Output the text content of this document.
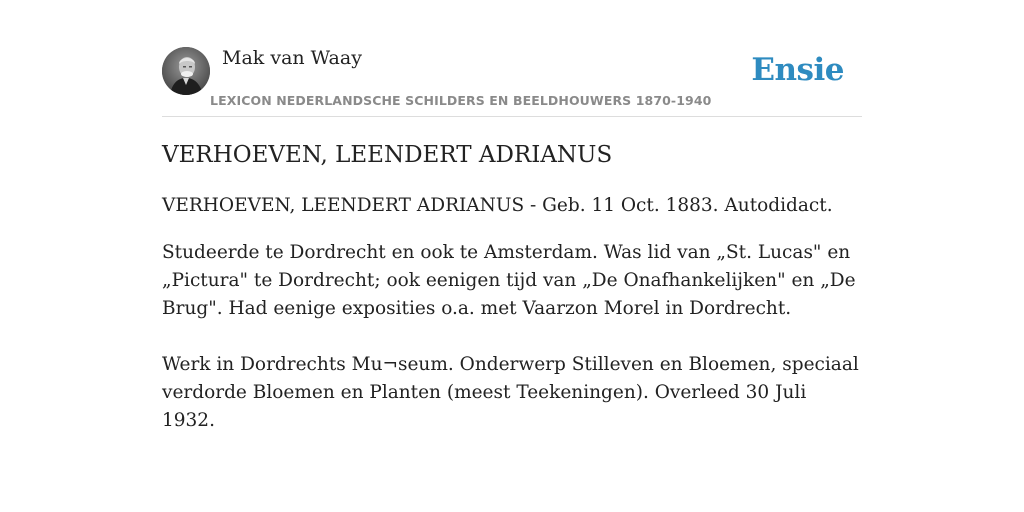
Mak van Waay
LEXICON NEDERLANDSCHE SCHILDERS EN BEELDHOUWERS 1870-1940
Ensie
VERHOEVEN, LEENDERT ADRIANUS

VERHOEVEN, LEENDERT ADRIANUS - Geb. 11 Oct. 1883. Autodidact.

Studeerde te Dordrecht en ook te Amsterdam. Was lid van „St. Lucas" en „Pictura" te Dordrecht; ook eenigen tijd van „De Onafhankelijken" en „De Brug". Had eenige exposities o.a. met Vaarzon Morel in Dordrecht.

Werk in Dordrechts Mu¬seum. Onderwerp Stilleven en Bloemen, speciaal verdorde Bloemen en Planten (meest Teekeningen). Overleed 30 Juli 1932.
